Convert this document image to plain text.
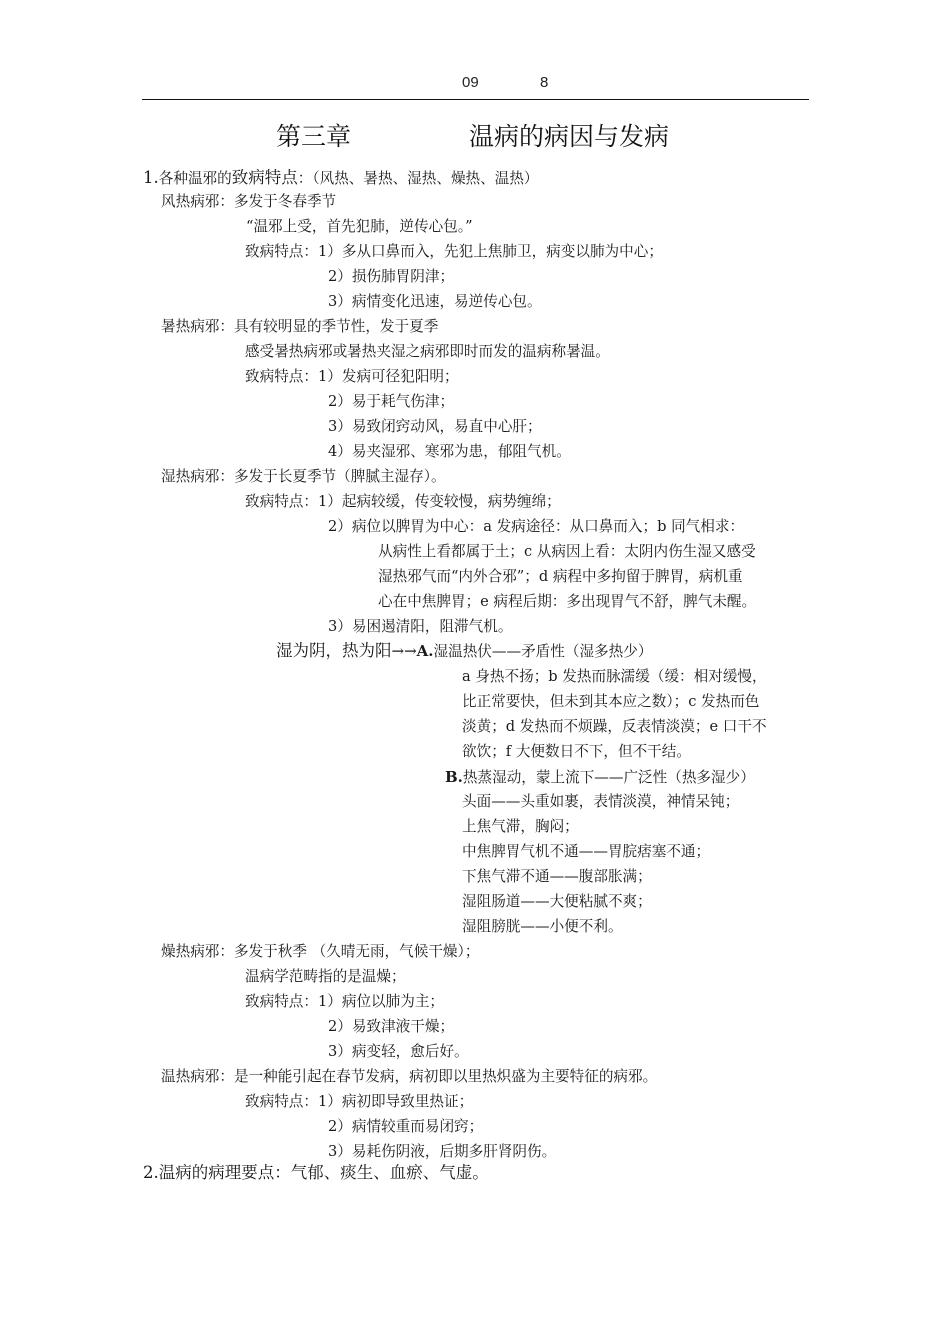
09	8
第三章	温病的病因与发病
1.各种温邪的致病特点：（风热、暑热、湿热、燥热、温热）
风热病邪：多发于冬春季节
“温邪上受，首先犯肺，逆传心包。”
致病特点：1）多从口鼻而入，先犯上焦肺卫，病变以肺为中心；
2）损伤肺胃阴津；
3）病情变化迅速，易逆传心包。
暑热病邪：具有较明显的季节性，发于夏季
感受暑热病邪或暑热夹湿之病邪即时而发的温病称暑温。
致病特点：1）发病可径犯阳明；
2）易于耗气伤津；
3）易致闭窍动风，易直中心肝；
4）易夹湿邪、寒邪为患，郁阻气机。
湿热病邪：多发于长夏季节（脾腻主湿存）。
致病特点：1）起病较缓，传变较慢，病势缠绵；
2）病位以脾胃为中心：a 发病途径：从口鼻而入；b 同气相求：
从病性上看都属于土；c 从病因上看：太阴内伤生湿又感受
湿热邪气而“内外合邪”；d 病程中多拘留于脾胃，病机重
心在中焦脾胃；e 病程后期：多出现胃气不舒，脾气未醒。
3）易困遏清阳，阻滞气机。
湿为阴，热为阳→→A.湿温热伏——矛盾性（湿多热少）
a 身热不扬；b 发热而脉濡缓（缓：相对缓慢，
比正常要快，但未到其本应之数）；c 发热而色
淡黄；d 发热而不烦躁，反表情淡漠；e 口干不
欲饮；f 大便数日不下，但不干结。
B.热蒸湿动，蒙上流下——广泛性（热多湿少）
头面——头重如裹，表情淡漠，神情呆钝；
上焦气滞，胸闷；
中焦脾胃气机不通——胃脘痞塞不通；
下焦气滞不通——腹部胀满；
湿阻肠道——大便粘腻不爽；
湿阻膀胱——小便不利。
燥热病邪：多发于秋季 （久晴无雨，气候干燥）；
温病学范畴指的是温燥；
致病特点：1）病位以肺为主；
2）易致津液干燥；
3）病变轻，愈后好。
温热病邪：是一种能引起在春节发病，病初即以里热炽盛为主要特征的病邪。
致病特点：1）病初即导致里热证；
2）病情较重而易闭窍；
3）易耗伤阴液，后期多肝肾阴伤。
2.温病的病理要点：气郁、痰生、血瘀、气虚。
